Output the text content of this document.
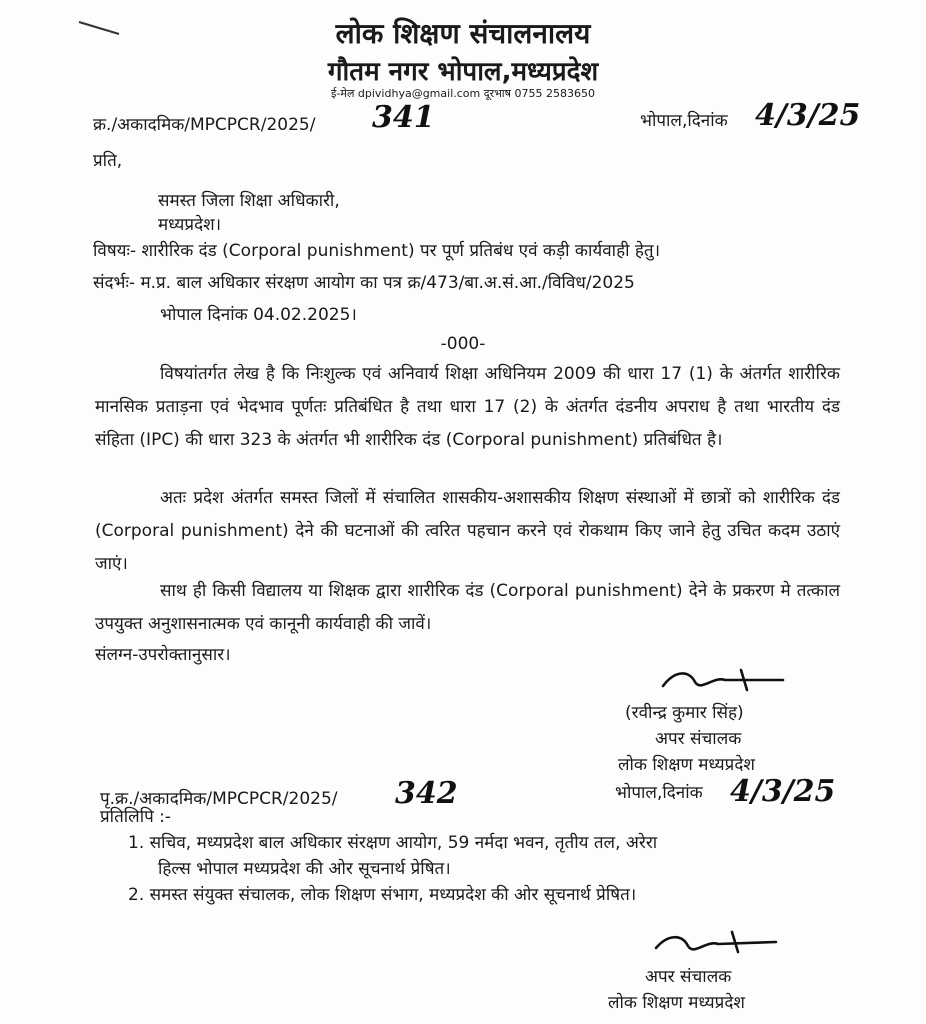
लोक शिक्षण संचालनालय
गौतम नगर भोपाल,मध्यप्रदेश
ई-मेल dpividhya@gmail.com दूरभाष 0755 2583650
क्र./अकादमिक/MPCPCR/2025/ 341	भोपाल,दिनांक 4/3/25
प्रति,
समस्त जिला शिक्षा अधिकारी,
मध्यप्रदेश।
विषयः- शारीरिक दंड (Corporal punishment) पर पूर्ण प्रतिबंध एवं कड़ी कार्यवाही हेतु।
संदर्भः- म.प्र. बाल अधिकार संरक्षण आयोग का पत्र क्र/473/बा.अ.सं.आ./विविध/2025
भोपाल दिनांक 04.02.2025।
-000-
विषयांतर्गत लेख है कि निःशुल्क एवं अनिवार्य शिक्षा अधिनियम 2009 की धारा 17 (1) के अंतर्गत शारीरिक मानसिक प्रताड़ना एवं भेदभाव पूर्णतः प्रतिबंधित है तथा धारा 17 (2) के अंतर्गत दंडनीय अपराध है तथा भारतीय दंड संहिता (IPC) की धारा 323 के अंतर्गत भी शारीरिक दंड (Corporal punishment) प्रतिबंधित है।
अतः प्रदेश अंतर्गत समस्त जिलों में संचालित शासकीय-अशासकीय शिक्षण संस्थाओं में छात्रों को शारीरिक दंड (Corporal punishment) देने की घटनाओं की त्वरित पहचान करने एवं रोकथाम किए जाने हेतु उचित कदम उठाएं जाएं।
साथ ही किसी विद्यालय या शिक्षक द्वारा शारीरिक दंड (Corporal punishment) देने के प्रकरण मे तत्काल उपयुक्त अनुशासनात्मक एवं कानूनी कार्यवाही की जावें।
संलग्न-उपरोक्तानुसार।
(रवीन्द्र कुमार सिंह)
अपर संचालक
लोक शिक्षण मध्यप्रदेश
पृ.क्र./अकादमिक/MPCPCR/2025/ 342	भोपाल,दिनांक 4/3/25
प्रतिलिपि :-
1. सचिव, मध्यप्रदेश बाल अधिकार संरक्षण आयोग, 59 नर्मदा भवन, तृतीय तल, अरेरा
हिल्स भोपाल मध्यप्रदेश की ओर सूचनार्थ प्रेषित।
2. समस्त संयुक्त संचालक, लोक शिक्षण संभाग, मध्यप्रदेश की ओर सूचनार्थ प्रेषित।
अपर संचालक
लोक शिक्षण मध्यप्रदेश
